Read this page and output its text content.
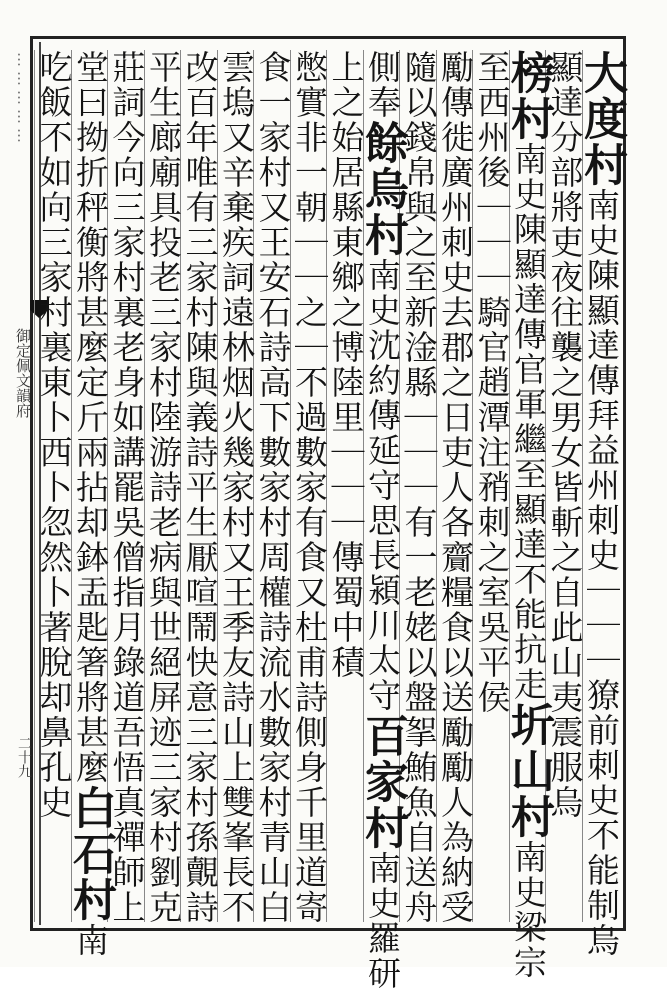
……………
御定佩文韻府
二十九
大度村南史陳顯達傳拜益州刺史｜｜｜獠前刺史不能制烏
顯達分部將吏夜往襲之男女皆斬之自此山夷震服烏
榜村南史陳顯達傳官軍繼至顯達不能抗走圻山村南史梁宗
至西州後｜｜｜騎官趙潭注矟刺之室吳平侯
勵傳徙廣州刺史去郡之日吏人各齎糧食以送勵勵人為納受
隨以錢帛與之至新淦縣｜｜｜有一老姥以盤挐鮪魚自送舟
側奉餘烏村南史沈約傳延守思長潁川太守百家村南史羅研
上之始居縣東鄉之博陸里｜｜｜傳蜀中積
憋實非一朝｜｜之｜不過數家有食又杜甫詩側身千里道寄
食一家村又王安石詩高下數家村周權詩流水數家村青山白
雲塢又辛棄疾詞遠林烟火幾家村又王季友詩山上雙峯長不
改百年唯有三家村陳與義詩平生厭喧鬧快意三家村孫覿詩
平生廊廟具投老三家村陸游詩老病與世絕屏迹三家村劉克
莊詞今向三家村裏老身如講罷吳僧指月錄道吾悟真禪師上
堂曰拗折秤衡將甚麼定斤兩拈却鉢盂匙箸將甚麼白石村南
吃飯不如向三家村裏東卜西卜忽然卜著脫却鼻孔史
